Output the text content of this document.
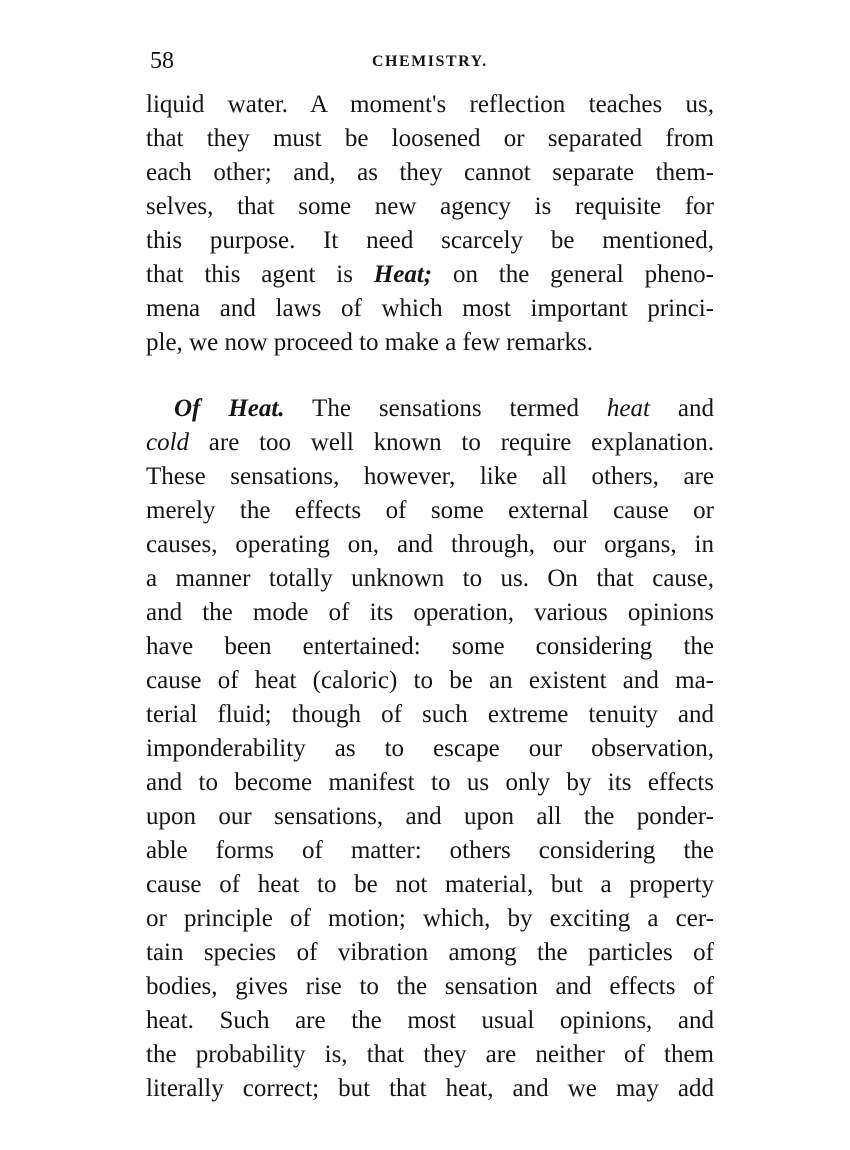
58	CHEMISTRY.
liquid water. A moment's reflection teaches us,
that they must be loosened or separated from
each other; and, as they cannot separate them-
selves, that some new agency is requisite for
this purpose. It need scarcely be mentioned,
that this agent is Heat; on the general pheno-
mena and laws of which most important princi-
ple, we now proceed to make a few remarks.
Of Heat. The sensations termed heat and
cold are too well known to require explanation.
These sensations, however, like all others, are
merely the effects of some external cause or
causes, operating on, and through, our organs, in
a manner totally unknown to us. On that cause,
and the mode of its operation, various opinions
have been entertained: some considering the
cause of heat (caloric) to be an existent and ma-
terial fluid; though of such extreme tenuity and
imponderability as to escape our observation,
and to become manifest to us only by its effects
upon our sensations, and upon all the ponder-
able forms of matter: others considering the
cause of heat to be not material, but a property
or principle of motion; which, by exciting a cer-
tain species of vibration among the particles of
bodies, gives rise to the sensation and effects of
heat. Such are the most usual opinions, and
the probability is, that they are neither of them
literally correct; but that heat, and we may add
